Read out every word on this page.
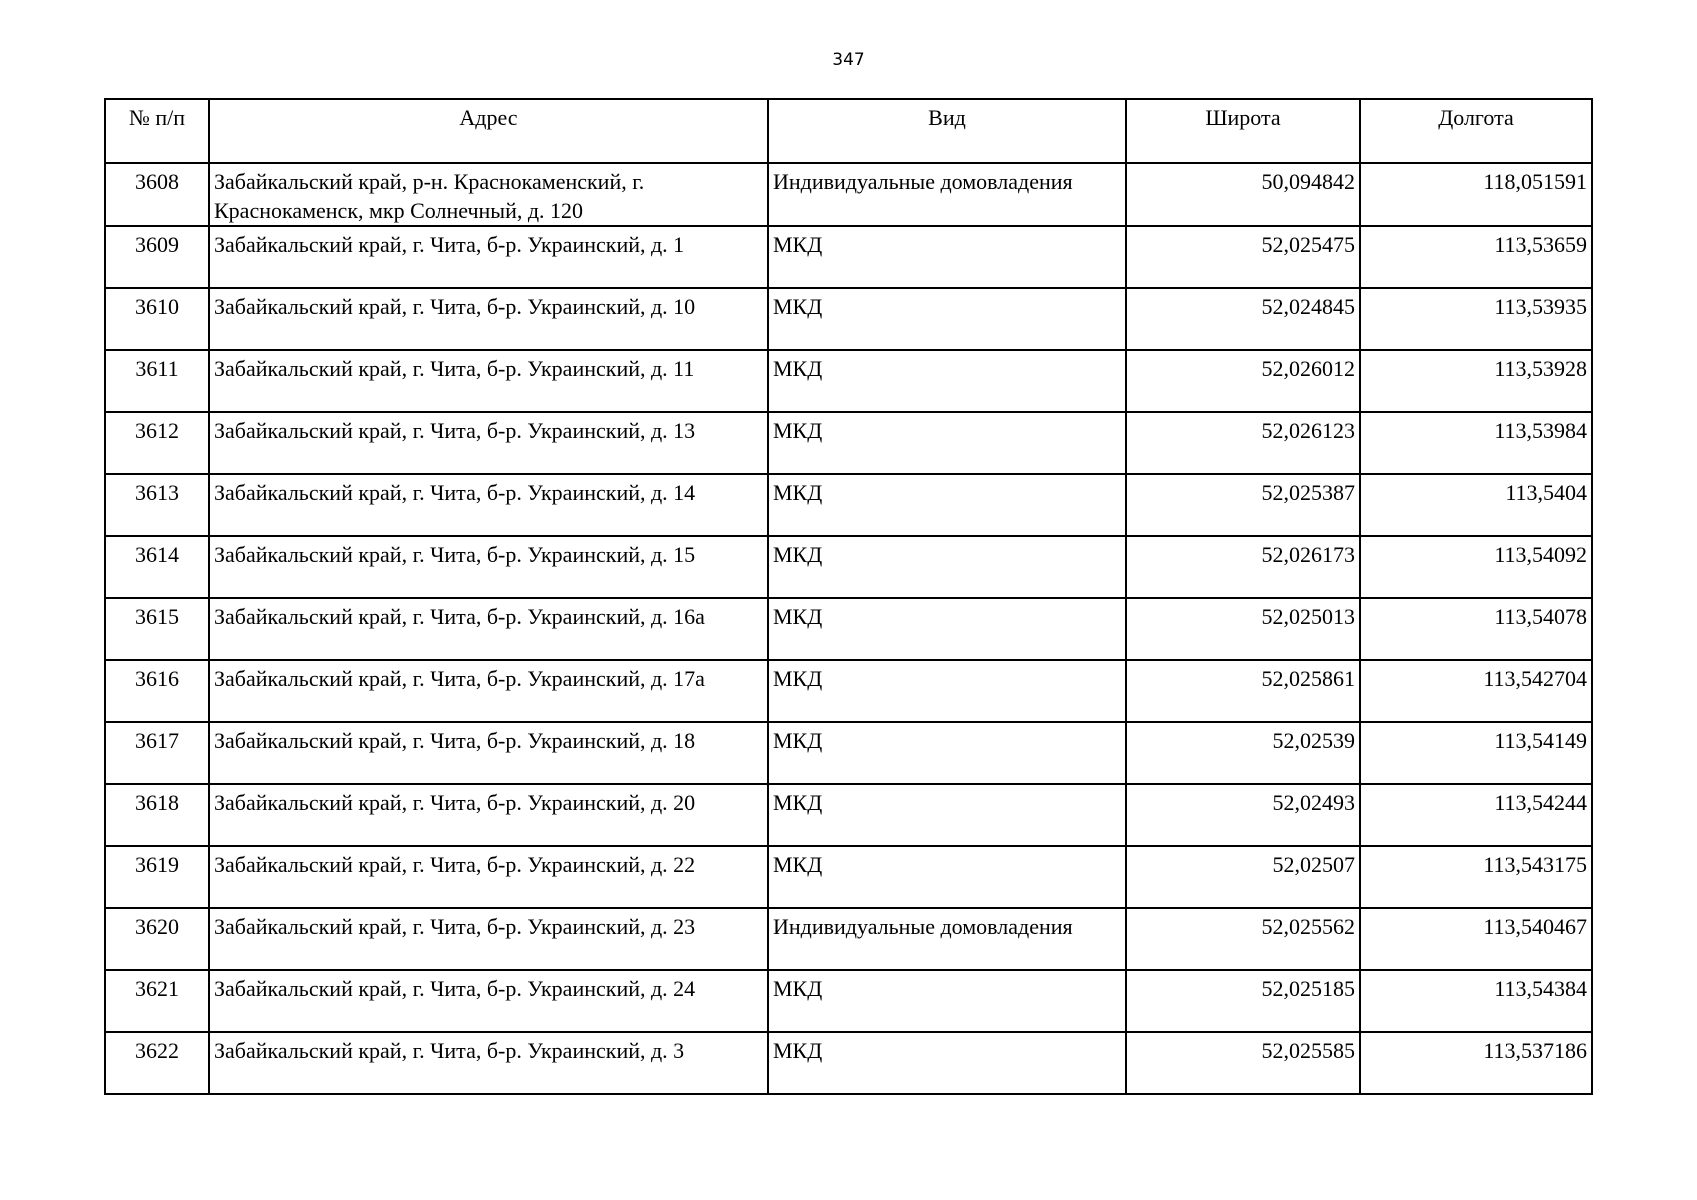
347
№ п/п	Адрес	Вид	Широта	Долгота
3608	Забайкальский край, р-н. Краснокаменский, г. Краснокаменск, мкр Солнечный, д. 120	Индивидуальные домовладения	50,094842	118,051591
3609	Забайкальский край, г. Чита, б-р. Украинский, д. 1	МКД	52,025475	113,53659
3610	Забайкальский край, г. Чита, б-р. Украинский, д. 10	МКД	52,024845	113,53935
3611	Забайкальский край, г. Чита, б-р. Украинский, д. 11	МКД	52,026012	113,53928
3612	Забайкальский край, г. Чита, б-р. Украинский, д. 13	МКД	52,026123	113,53984
3613	Забайкальский край, г. Чита, б-р. Украинский, д. 14	МКД	52,025387	113,5404
3614	Забайкальский край, г. Чита, б-р. Украинский, д. 15	МКД	52,026173	113,54092
3615	Забайкальский край, г. Чита, б-р. Украинский, д. 16а	МКД	52,025013	113,54078
3616	Забайкальский край, г. Чита, б-р. Украинский, д. 17а	МКД	52,025861	113,542704
3617	Забайкальский край, г. Чита, б-р. Украинский, д. 18	МКД	52,02539	113,54149
3618	Забайкальский край, г. Чита, б-р. Украинский, д. 20	МКД	52,02493	113,54244
3619	Забайкальский край, г. Чита, б-р. Украинский, д. 22	МКД	52,02507	113,543175
3620	Забайкальский край, г. Чита, б-р. Украинский, д. 23	Индивидуальные домовладения	52,025562	113,540467
3621	Забайкальский край, г. Чита, б-р. Украинский, д. 24	МКД	52,025185	113,54384
3622	Забайкальский край, г. Чита, б-р. Украинский, д. 3	МКД	52,025585	113,537186
